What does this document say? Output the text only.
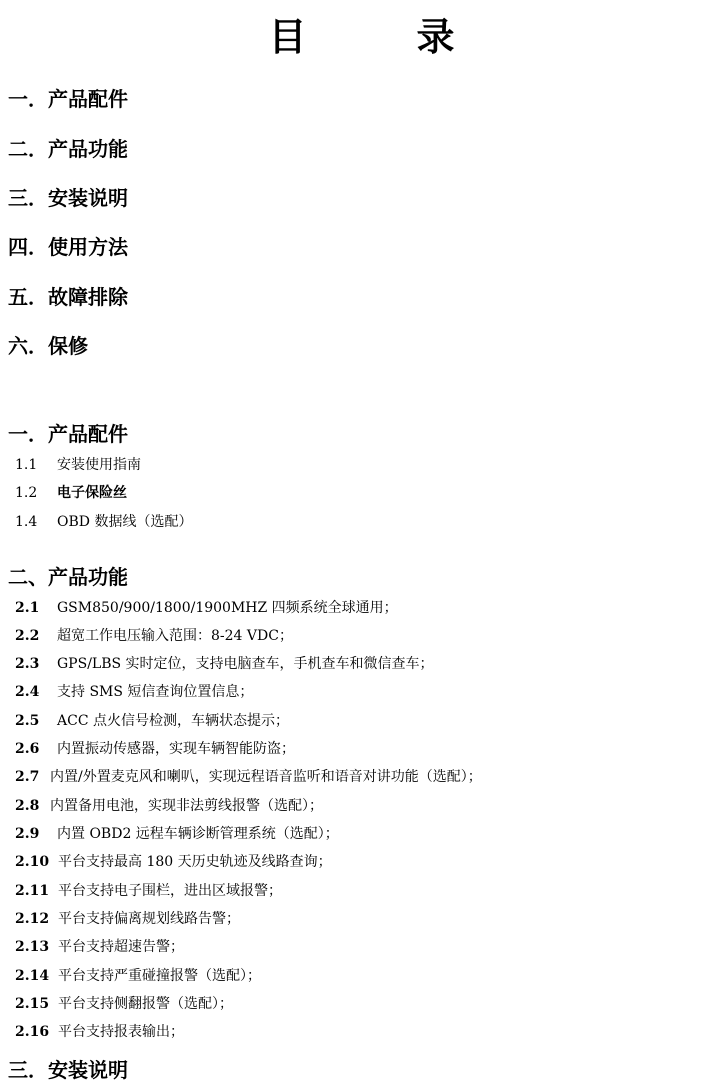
目　录
一．产品配件
二．产品功能
三．安装说明
四．使用方法
五．故障排除
六．保修
一．产品配件
1.1 安装使用指南
1.2 电子保险丝
1.4 OBD 数据线（选配）
二、产品功能
2.1 GSM850/900/1800/1900MHZ 四频系统全球通用；
2.2 超宽工作电压输入范围：8-24 VDC；
2.3 GPS/LBS 实时定位，支持电脑查车，手机查车和微信查车；
2.4 支持 SMS 短信查询位置信息；
2.5 ACC 点火信号检测，车辆状态提示；
2.6 内置振动传感器，实现车辆智能防盗；
2.7 内置/外置麦克风和喇叭，实现远程语音监听和语音对讲功能（选配）；
2.8 内置备用电池，实现非法剪线报警（选配）；
2.9 内置 OBD2 远程车辆诊断管理系统（选配）；
2.10 平台支持最高 180 天历史轨迹及线路查询；
2.11 平台支持电子围栏，进出区域报警；
2.12 平台支持偏离规划线路告警；
2.13 平台支持超速告警；
2.14 平台支持严重碰撞报警（选配）；
2.15 平台支持侧翻报警（选配）；
2.16 平台支持报表输出；
三．安装说明
